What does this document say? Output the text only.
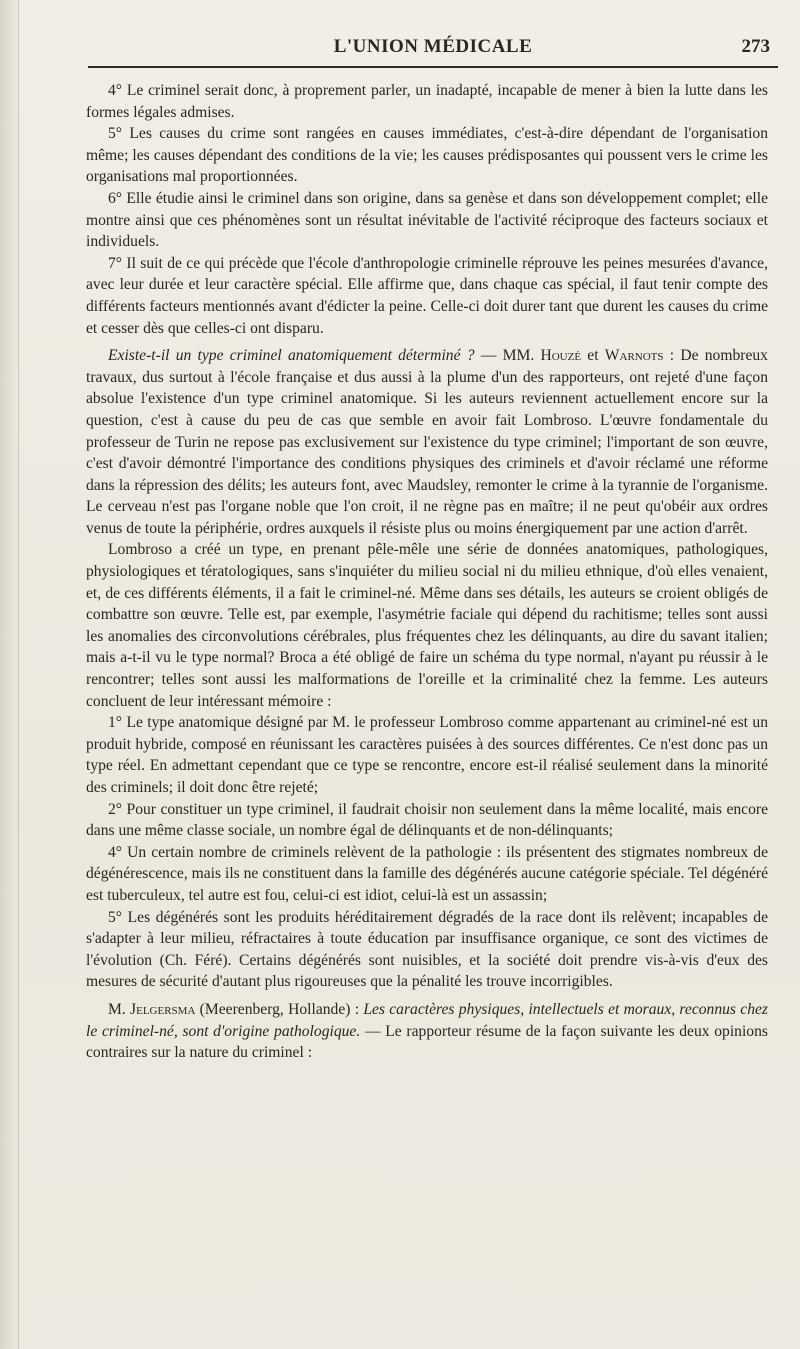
L'UNION MÉDICALE	273

4° Le criminel serait donc, à proprement parler, un inadapté, incapable de mener à bien la lutte dans les formes légales admises.

5° Les causes du crime sont rangées en causes immédiates, c'est-à-dire dépendant de l'organisation même; les causes dépendant des conditions de la vie; les causes prédisposantes qui poussent vers le crime les organisations mal proportionnées.

6° Elle étudie ainsi le criminel dans son origine, dans sa genèse et dans son développement complet; elle montre ainsi que ces phénomènes sont un résultat inévitable de l'activité réciproque des facteurs sociaux et individuels.

7° Il suit de ce qui précède que l'école d'anthropologie criminelle réprouve les peines mesurées d'avance, avec leur durée et leur caractère spécial. Elle affirme que, dans chaque cas spécial, il faut tenir compte des différents facteurs mentionnés avant d'édicter la peine. Celle-ci doit durer tant que durent les causes du crime et cesser dès que celles-ci ont disparu.

Existe-t-il un type criminel anatomiquement déterminé ? — MM. Houzé et Warnots : De nombreux travaux, dus surtout à l'école française et dus aussi à la plume d'un des rapporteurs, ont rejeté d'une façon absolue l'existence d'un type criminel anatomique. Si les auteurs reviennent actuellement encore sur la question, c'est à cause du peu de cas que semble en avoir fait Lombroso. L'œuvre fondamentale du professeur de Turin ne repose pas exclusivement sur l'existence du type criminel; l'important de son œuvre, c'est d'avoir démontré l'importance des conditions physiques des criminels et d'avoir réclamé une réforme dans la répression des délits; les auteurs font, avec Maudsley, remonter le crime à la tyrannie de l'organisme. Le cerveau n'est pas l'organe noble que l'on croit, il ne règne pas en maître; il ne peut qu'obéir aux ordres venus de toute la périphérie, ordres auxquels il résiste plus ou moins énergiquement par une action d'arrêt.

Lombroso a créé un type, en prenant pêle-mêle une série de données anatomiques, pathologiques, physiologiques et tératologiques, sans s'inquiéter du milieu social ni du milieu ethnique, d'où elles venaient, et, de ces différents éléments, il a fait le criminel-né. Même dans ses détails, les auteurs se croient obligés de combattre son œuvre. Telle est, par exemple, l'asymétrie faciale qui dépend du rachitisme; telles sont aussi les anomalies des circonvolutions cérébrales, plus fréquentes chez les délinquants, au dire du savant italien; mais a-t-il vu le type normal? Broca a été obligé de faire un schéma du type normal, n'ayant pu réussir à le rencontrer; telles sont aussi les malformations de l'oreille et la criminalité chez la femme. Les auteurs concluent de leur intéressant mémoire :

1° Le type anatomique désigné par M. le professeur Lombroso comme appartenant au criminel-né est un produit hybride, composé en réunissant les caractères puisées à des sources différentes. Ce n'est donc pas un type réel. En admettant cependant que ce type se rencontre, encore est-il réalisé seulement dans la minorité des criminels; il doit donc être rejeté;

2° Pour constituer un type criminel, il faudrait choisir non seulement dans la même localité, mais encore dans une même classe sociale, un nombre égal de délinquants et de non-délinquants;

4° Un certain nombre de criminels relèvent de la pathologie : ils présentent des stigmates nombreux de dégénérescence, mais ils ne constituent dans la famille des dégénérés aucune catégorie spéciale. Tel dégénéré est tuberculeux, tel autre est fou, celui-ci est idiot, celui-là est un assassin;

5° Les dégénérés sont les produits héréditairement dégradés de la race dont ils relèvent; incapables de s'adapter à leur milieu, réfractaires à toute éducation par insuffisance organique, ce sont des victimes de l'évolution (Ch. Féré). Certains dégénérés sont nuisibles, et la société doit prendre vis-à-vis d'eux des mesures de sécurité d'autant plus rigoureuses que la pénalité les trouve incorrigibles.

M. Jelgersma (Meerenberg, Hollande) : Les caractères physiques, intellectuels et moraux, reconnus chez le criminel-né, sont d'origine pathologique. — Le rapporteur résume de la façon suivante les deux opinions contraires sur la nature du criminel :
